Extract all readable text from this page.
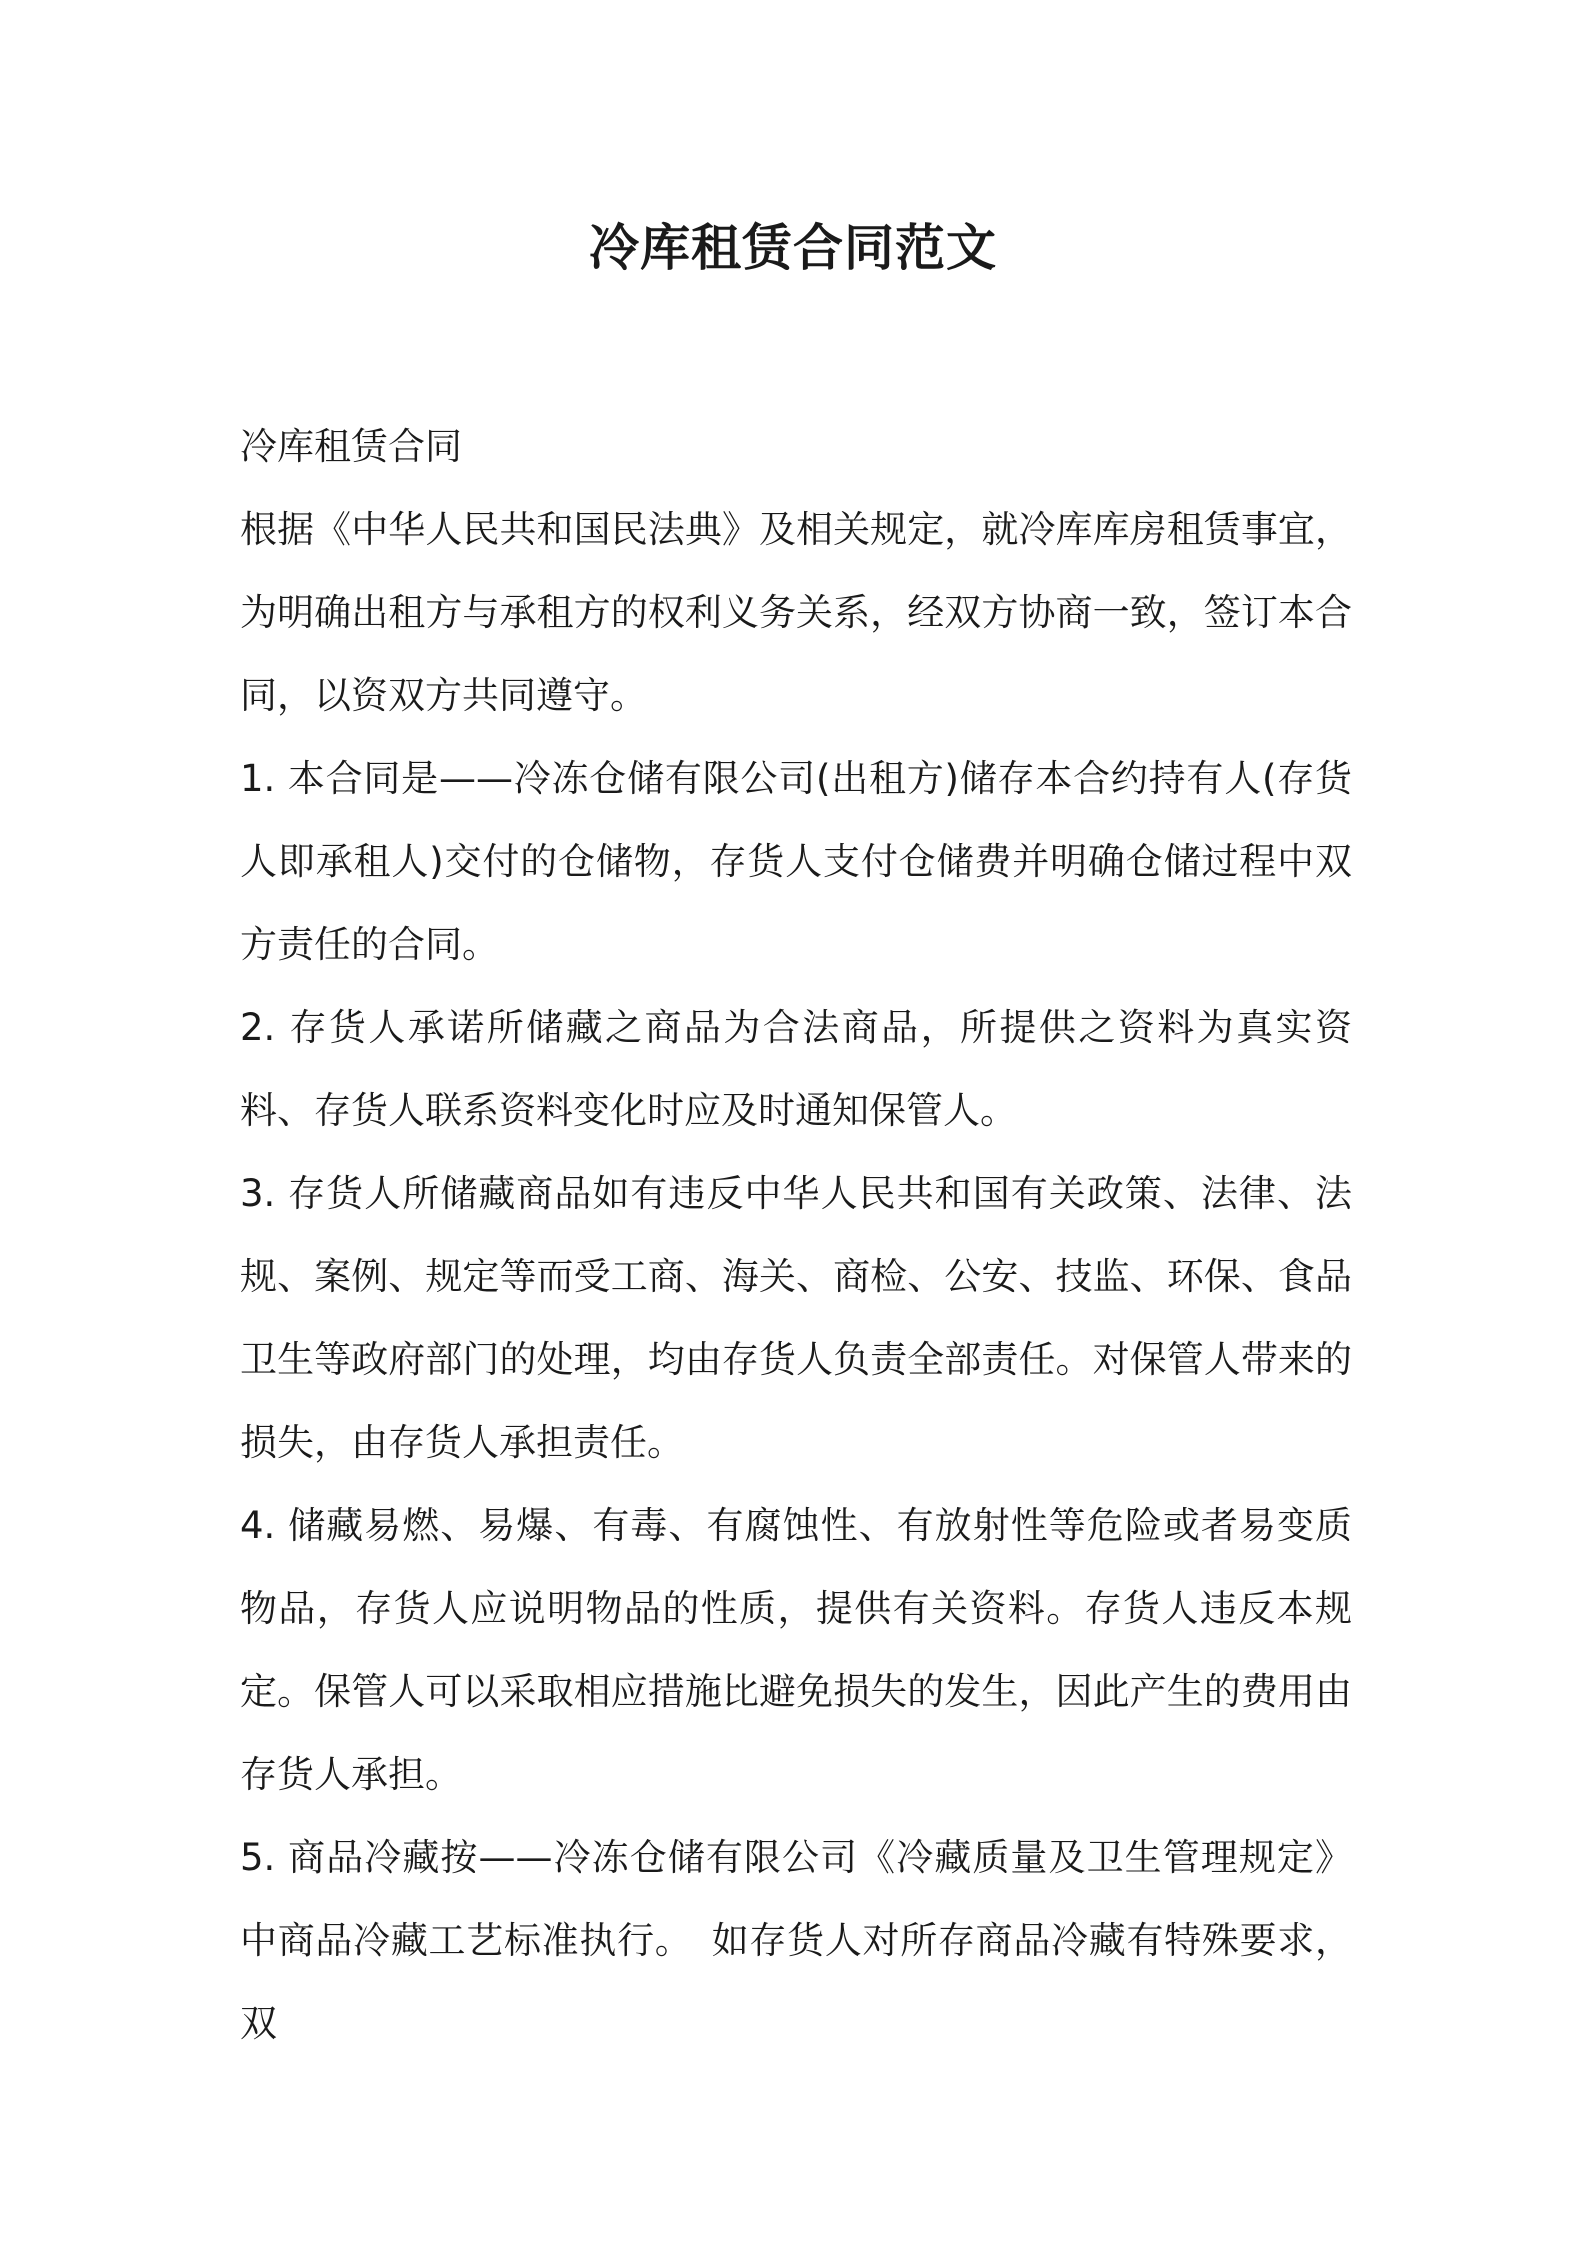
冷库租赁合同范文

冷库租赁合同

根据《中华人民共和国民法典》及相关规定，就冷库库房租赁事宜，为明确出租方与承租方的权利义务关系，经双方协商一致，签订本合同，以资双方共同遵守。

1. 本合同是——冷冻仓储有限公司(出租方)储存本合约持有人(存货人即承租人)交付的仓储物，存货人支付仓储费并明确仓储过程中双方责任的合同。

2. 存货人承诺所储藏之商品为合法商品，所提供之资料为真实资料、存货人联系资料变化时应及时通知保管人。

3. 存货人所储藏商品如有违反中华人民共和国有关政策、法律、法规、案例、规定等而受工商、海关、商检、公安、技监、环保、食品卫生等政府部门的处理，均由存货人负责全部责任。对保管人带来的损失，由存货人承担责任。

4. 储藏易燃、易爆、有毒、有腐蚀性、有放射性等危险或者易变质物品，存货人应说明物品的性质，提供有关资料。存货人违反本规定。保管人可以采取相应措施比避免损失的发生，因此产生的费用由存货人承担。

5. 商品冷藏按——冷冻仓储有限公司《冷藏质量及卫生管理规定》中商品冷藏工艺标准执行。　如存货人对所存商品冷藏有特殊要求，双
